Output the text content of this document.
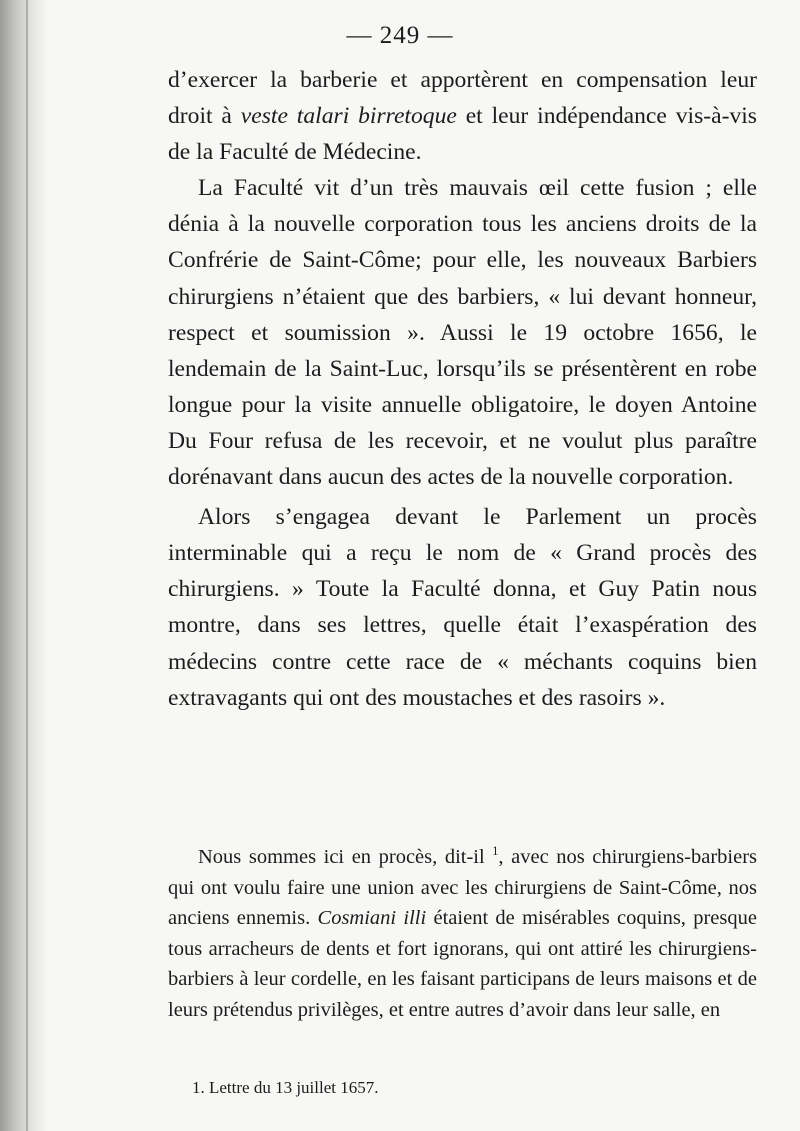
— 249 —

d’exercer la barberie et apportèrent en compensation leur droit à veste talari birretoque et leur indépendance vis-à-vis de la Faculté de Médecine.

La Faculté vit d’un très mauvais œil cette fusion ; elle dénia à la nouvelle corporation tous les anciens droits de la Confrérie de Saint-Côme; pour elle, les nouveaux Barbiers chirurgiens n’étaient que des barbiers, « lui devant honneur, respect et soumission ». Aussi le 19 octobre 1656, le lendemain de la Saint-Luc, lorsqu’ils se présentèrent en robe longue pour la visite annuelle obligatoire, le doyen Antoine Du Four refusa de les recevoir, et ne voulut plus paraître dorénavant dans aucun des actes de la nouvelle corporation.

Alors s’engagea devant le Parlement un procès interminable qui a reçu le nom de « Grand procès des chirurgiens. » Toute la Faculté donna, et Guy Patin nous montre, dans ses lettres, quelle était l’exaspération des médecins contre cette race de « méchants coquins bien extravagants qui ont des moustaches et des rasoirs ».

Nous sommes ici en procès, dit-il $^1$, avec nos chirurgiens-barbiers qui ont voulu faire une union avec les chirurgiens de Saint-Côme, nos anciens ennemis. Cosmiani illi étaient de misérables coquins, presque tous arracheurs de dents et fort ignorans, qui ont attiré les chirurgiens-barbiers à leur cordelle, en les faisant participans de leurs maisons et de leurs prétendus privilèges, et entre autres d’avoir dans leur salle, en

1. Lettre du 13 juillet 1657.
